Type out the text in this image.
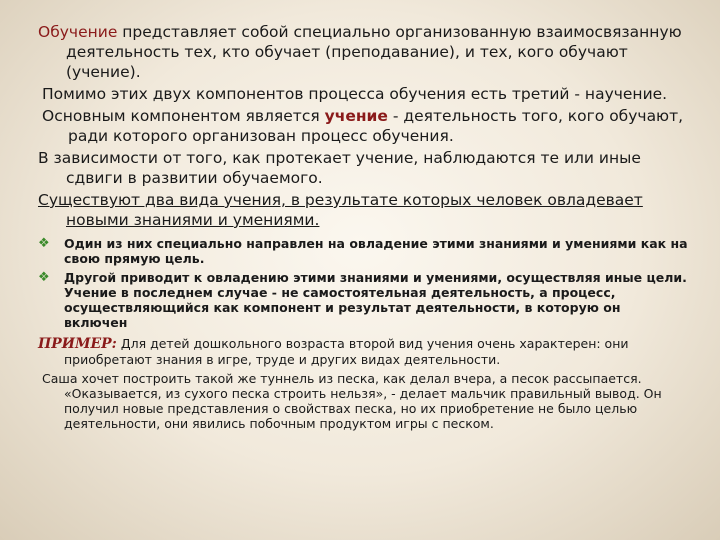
Обучение представляет собой специально организованную взаимосвязанную деятельность тех, кто обучает (преподавание), и тех, кого обучают (учение).

Помимо этих двух компонентов процесса обучения есть третий - научение.

Основным компонентом является учение - деятельность того, кого обучают, ради которого организован процесс обучения.

В зависимости от того, как протекает учение, наблюдаются те или иные сдвиги в развитии обучаемого.

Существуют два вида учения, в результате которых человек овладевает новыми знаниями и умениями.

❖	Один из них специально направлен на овладение этими знаниями и умениями как на свою прямую цель.
❖	Другой приводит к овладению этими знаниями и умениями, осуществляя иные цели. Учение в последнем случае - не самостоятельная деятельность, а процесс, осуществляющийся как компонент и результат деятельности, в которую он включен

ПРИМЕР: Для детей дошкольного возраста второй вид учения очень характерен: они приобретают знания в игре, труде и других видах деятельности.

Саша хочет построить такой же туннель из песка, как делал вчера, а песок рассыпается. «Оказывается, из сухого песка строить нельзя», - делает мальчик правильный вывод. Он получил новые представления о свойствах песка, но их приобретение не было целью деятельности, они явились побочным продуктом игры с песком.
